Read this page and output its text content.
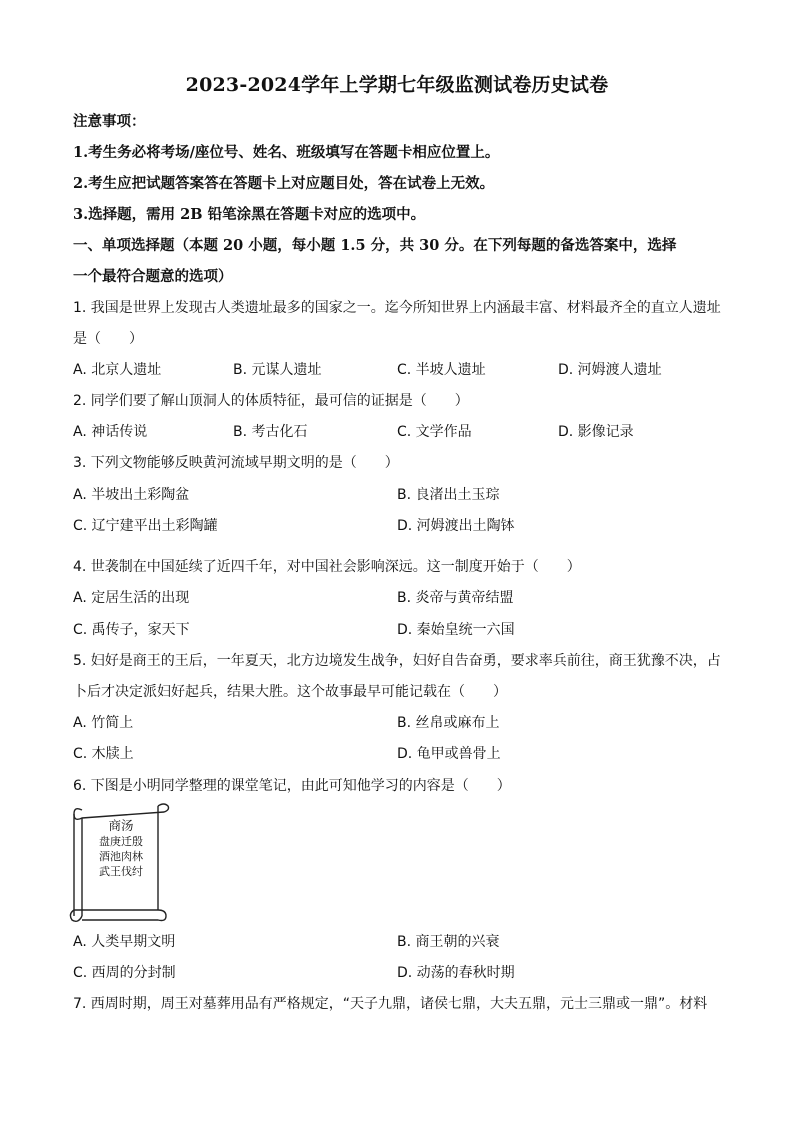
2023-2024学年上学期七年级监测试卷历史试卷
注意事项：
1.考生务必将考场/座位号、姓名、班级填写在答题卡相应位置上。
2.考生应把试题答案答在答题卡上对应题目处，答在试卷上无效。
3.选择题，需用 2B 铅笔涂黑在答题卡对应的选项中。
一、单项选择题（本题 20 小题，每小题 1.5 分，共 30 分。在下列每题的备选答案中，选择
一个最符合题意的选项）
1. 我国是世界上发现古人类遗址最多的国家之一。迄今所知世界上内涵最丰富、材料最齐全的直立人遗址
是（　　）
A. 北京人遗址	B. 元谋人遗址	C. 半坡人遗址	D. 河姆渡人遗址
2. 同学们要了解山顶洞人的体质特征，最可信的证据是（　　）
A. 神话传说	B. 考古化石	C. 文学作品	D. 影像记录
3. 下列文物能够反映黄河流域早期文明的是（　　）
A. 半坡出土彩陶盆	B. 良渚出土玉琮
C. 辽宁建平出土彩陶罐	D. 河姆渡出土陶钵
4. 世袭制在中国延续了近四千年，对中国社会影响深远。这一制度开始于（　　）
A. 定居生活的出现	B. 炎帝与黄帝结盟
C. 禹传子，家天下	D. 秦始皇统一六国
5. 妇好是商王的王后，一年夏天，北方边境发生战争，妇好自告奋勇，要求率兵前往，商王犹豫不决，占
卜后才决定派妇好起兵，结果大胜。这个故事最早可能记载在（　　）
A. 竹简上	B. 丝帛或麻布上
C. 木牍上	D. 龟甲或兽骨上
6. 下图是小明同学整理的课堂笔记，由此可知他学习的内容是（　　）
商汤
盘庚迁殷
酒池肉林
武王伐纣
A. 人类早期文明	B. 商王朝的兴衰
C. 西周的分封制	D. 动荡的春秋时期
7. 西周时期，周王对墓葬用品有严格规定，“天子九鼎，诸侯七鼎，大夫五鼎，元士三鼎或一鼎”。材料
